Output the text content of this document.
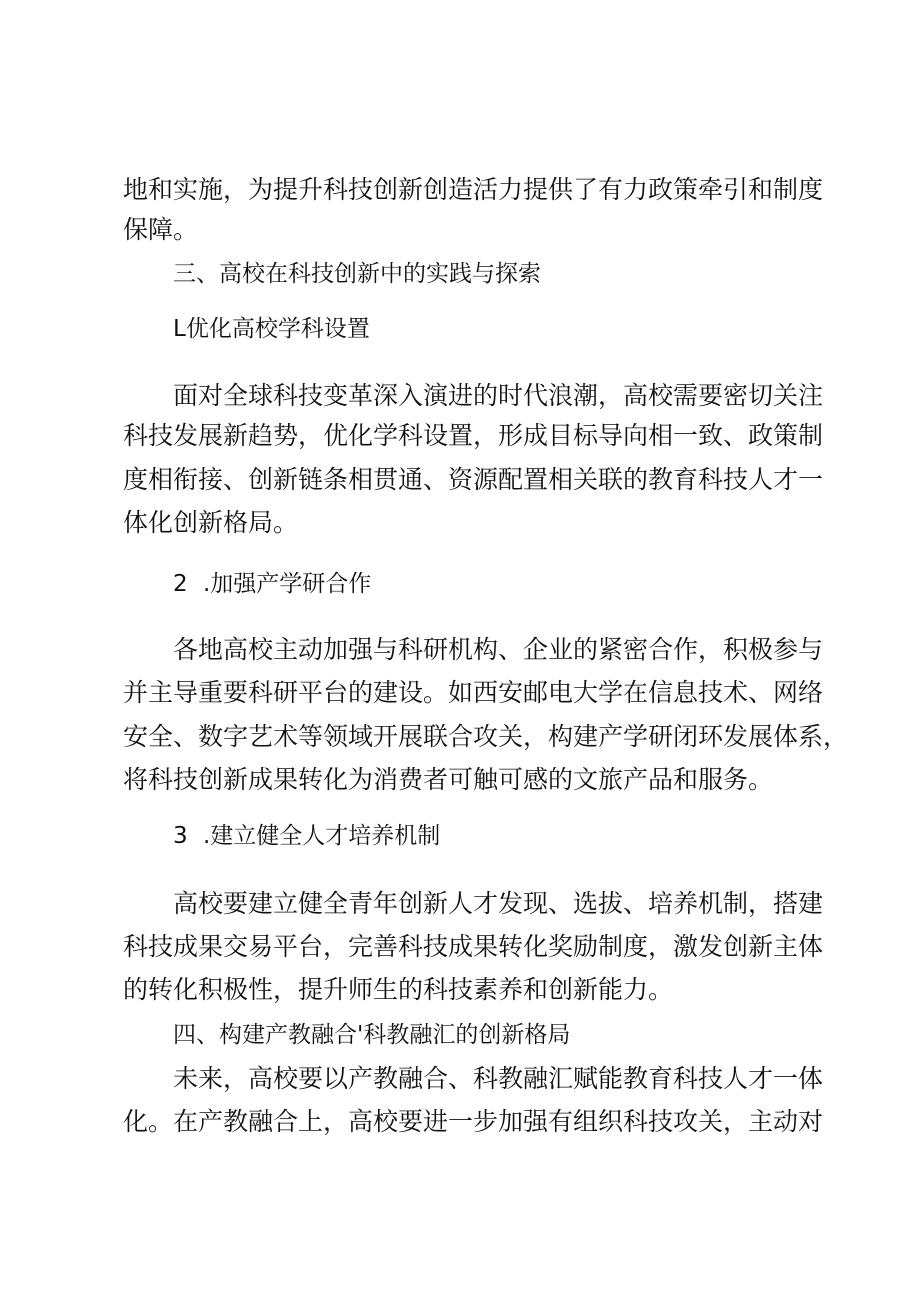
地和实施，为提升科技创新创造活力提供了有力政策牵引和制度
保障。
三、高校在科技创新中的实践与探索
L优化高校学科设置
面对全球科技变革深入演进的时代浪潮，高校需要密切关注
科技发展新趋势，优化学科设置，形成目标导向相一致、政策制
度相衔接、创新链条相贯通、资源配置相关联的教育科技人才一
体化创新格局。
2 .加强产学研合作
各地高校主动加强与科研机构、企业的紧密合作，积极参与
并主导重要科研平台的建设。如西安邮电大学在信息技术、网络
安全、数字艺术等领域开展联合攻关，构建产学研闭环发展体系，
将科技创新成果转化为消费者可触可感的文旅产品和服务。
3 .建立健全人才培养机制
高校要建立健全青年创新人才发现、选拔、培养机制，搭建
科技成果交易平台，完善科技成果转化奖励制度，激发创新主体
的转化积极性，提升师生的科技素养和创新能力。
四、构建产教融合'科教融汇的创新格局
未来，高校要以产教融合、科教融汇赋能教育科技人才一体
化。在产教融合上，高校要进一步加强有组织科技攻关，主动对
